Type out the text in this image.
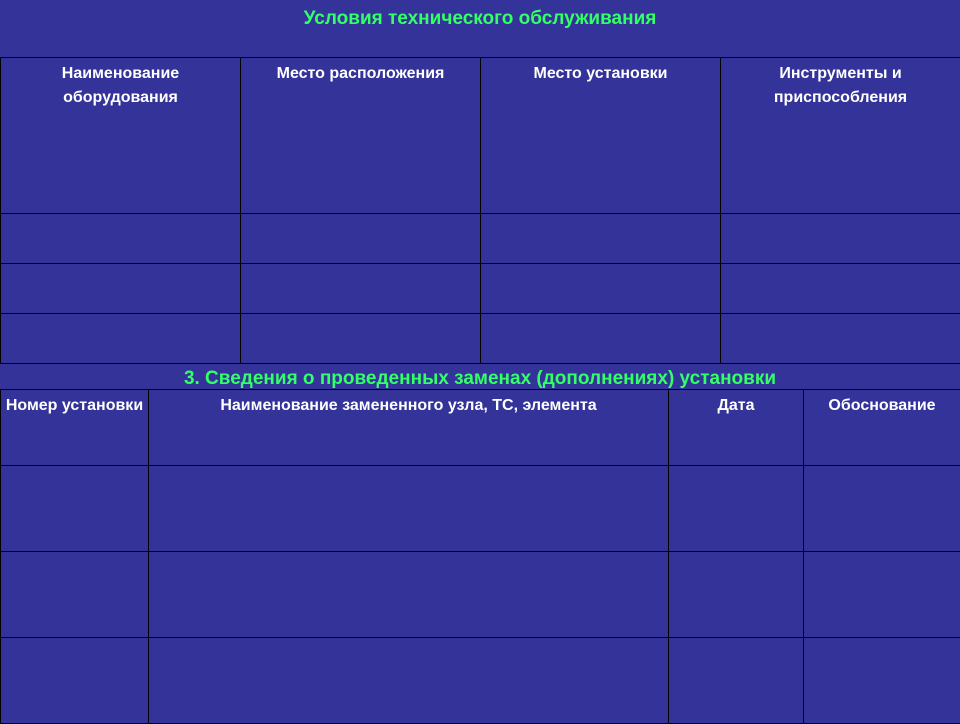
Условия технического обслуживания
Наименование оборудования	Место расположения	Место установки	Инструменты и приспособления

3. Сведения о проведенных заменах (дополнениях) установки
Номер установки	Наименование замененного узла, ТС, элемента	Дата	Обоснование
